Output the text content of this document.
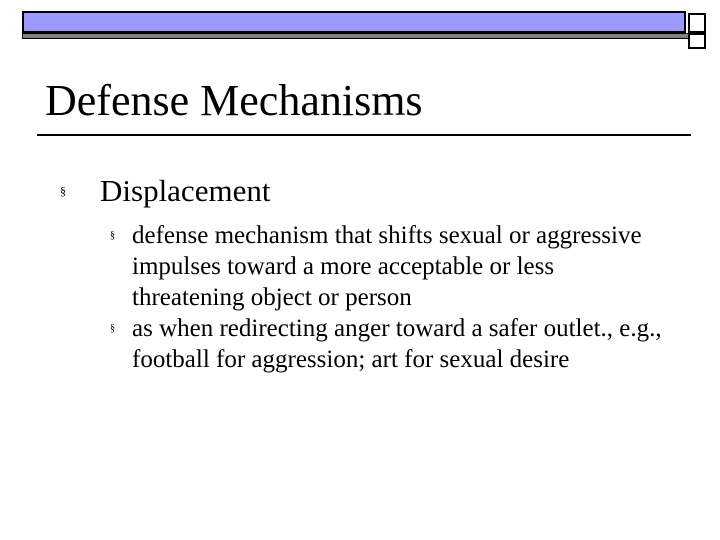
Defense Mechanisms
§ Displacement
§ defense mechanism that shifts sexual or aggressive impulses toward a more acceptable or less threatening object or person
§ as when redirecting anger toward a safer outlet., e.g., football for aggression; art for sexual desire
